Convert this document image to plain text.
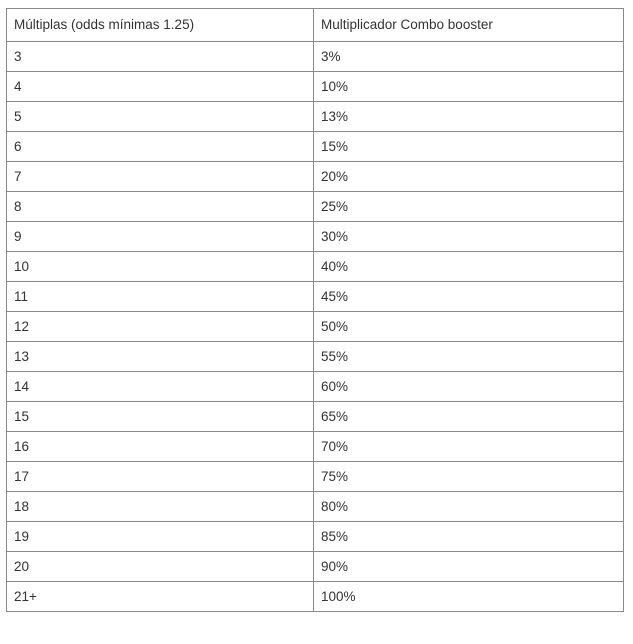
Múltiplas (odds mínimas 1.25)	Multiplicador Combo booster
3	3%
4	10%
5	13%
6	15%
7	20%
8	25%
9	30%
10	40%
11	45%
12	50%
13	55%
14	60%
15	65%
16	70%
17	75%
18	80%
19	85%
20	90%
21+	100%
